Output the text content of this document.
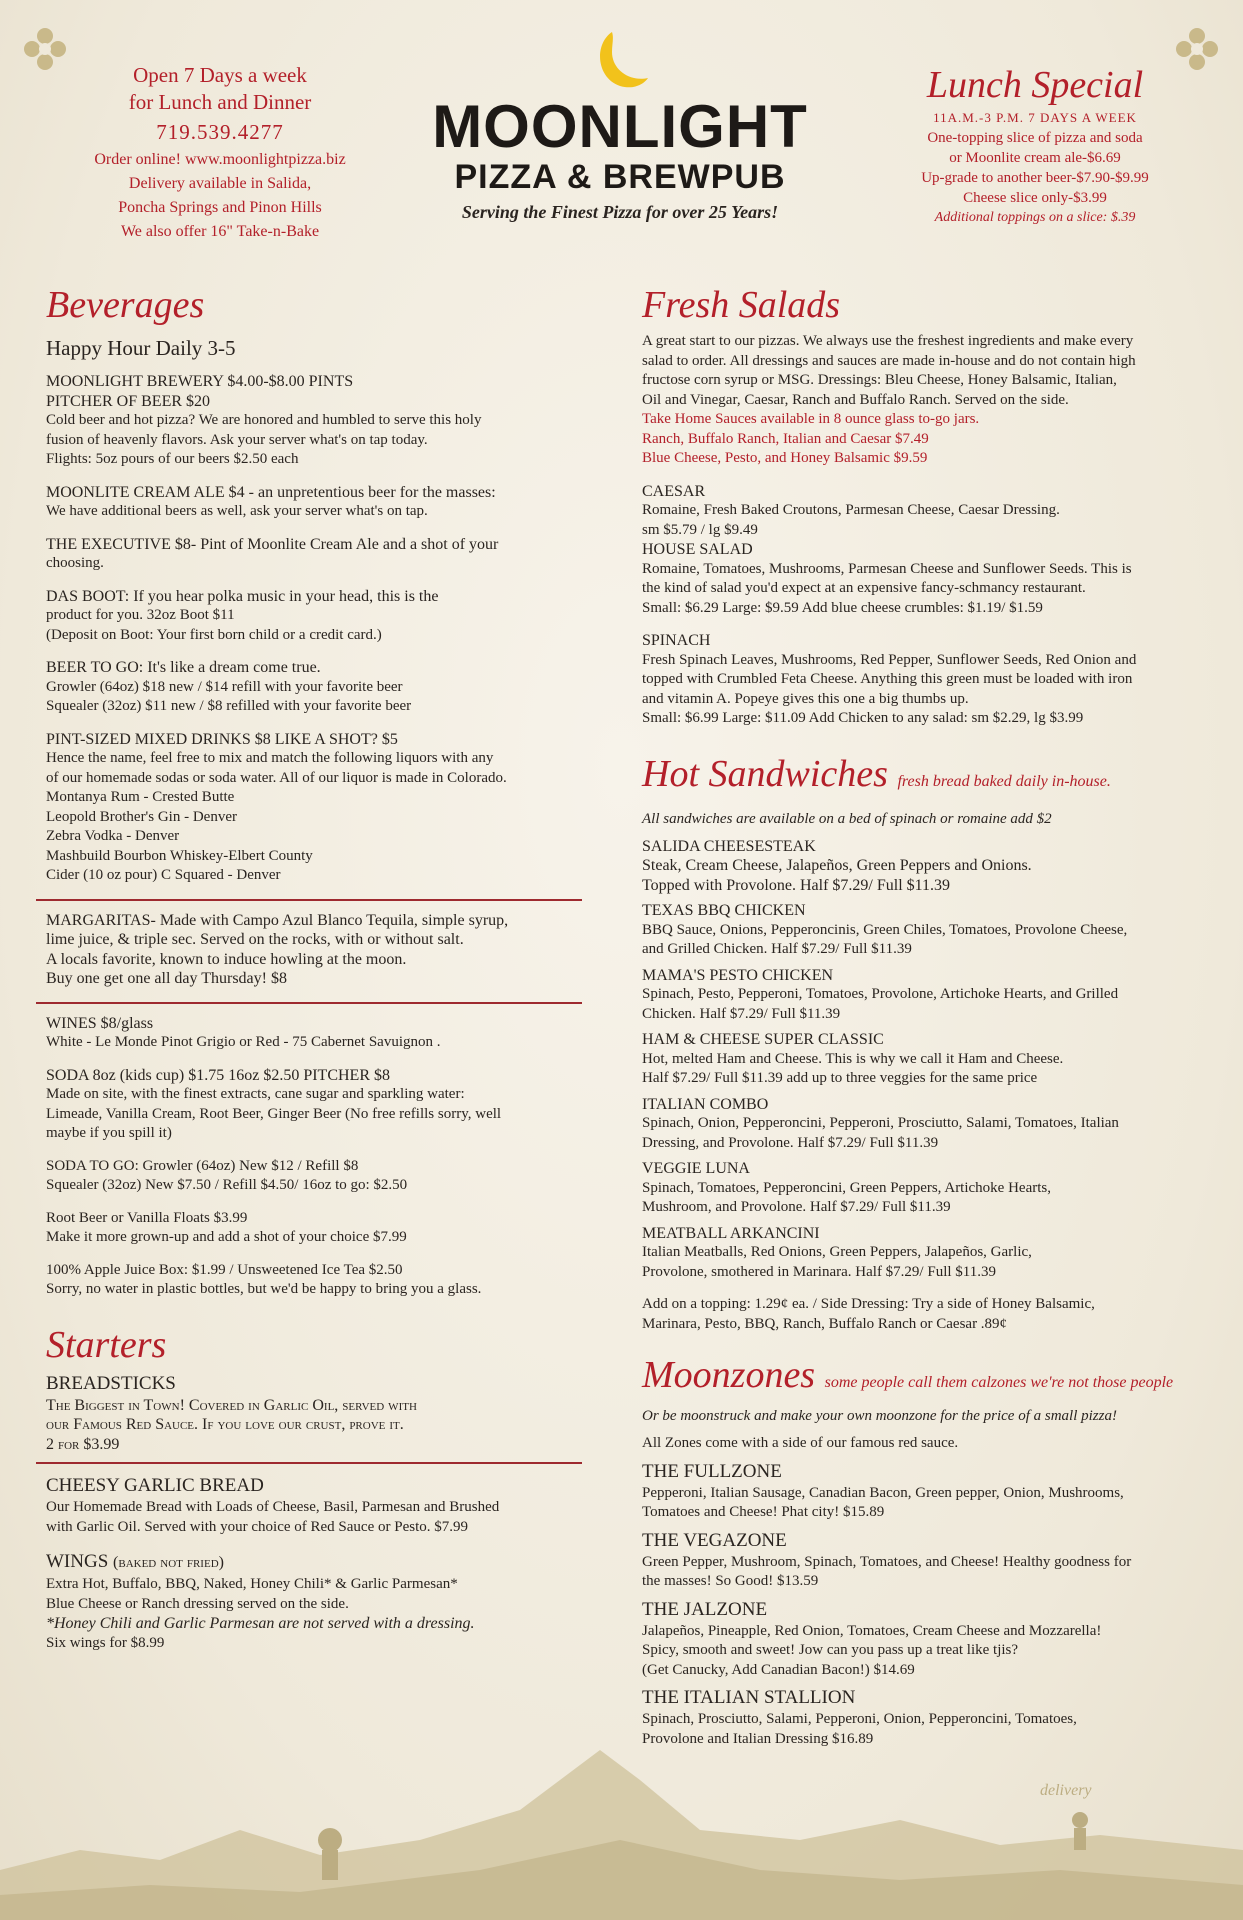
Open 7 Days a week
for Lunch and Dinner
719.539.4277
Order online! www.moonlightpizza.biz
Delivery available in Salida,
Poncha Springs and Pinon Hills
We also offer 16" Take-n-Bake
MOONLIGHT
PIZZA & BREWPUB
Serving the Finest Pizza for over 25 Years!
Lunch Special
11A.M.-3 P.M. 7 DAYS A WEEK
One-topping slice of pizza and soda
or Moonlite cream ale-$6.69
Up-grade to another beer-$7.90-$9.99
Cheese slice only-$3.99
Additional toppings on a slice: $.39
Beverages
Happy Hour Daily 3-5
MOONLIGHT BREWERY $4.00-$8.00 PINTS
PITCHER OF BEER $20
Cold beer and hot pizza? We are honored and humbled to serve this holy
fusion of heavenly flavors. Ask your server what's on tap today.
Flights: 5oz pours of our beers $2.50 each
MOONLITE CREAM ALE $4 - an unpretentious beer for the masses:
We have additional beers as well, ask your server what's on tap.
THE EXECUTIVE $8- Pint of Moonlite Cream Ale and a shot of your
choosing.
DAS BOOT: If you hear polka music in your head, this is the
product for you. 32oz Boot $11
(Deposit on Boot: Your first born child or a credit card.)
BEER TO GO: It's like a dream come true.
Growler (64oz) $18 new / $14 refill with your favorite beer
Squealer (32oz) $11 new / $8 refilled with your favorite beer
PINT-SIZED MIXED DRINKS $8 LIKE A SHOT? $5
Hence the name, feel free to mix and match the following liquors with any
of our homemade sodas or soda water. All of our liquor is made in Colorado.
Montanya Rum - Crested Butte
Leopold Brother's Gin - Denver
Zebra Vodka - Denver
Mashbuild Bourbon Whiskey-Elbert County
Cider (10 oz pour) C Squared - Denver
MARGARITAS- Made with Campo Azul Blanco Tequila, simple syrup,
lime juice, & triple sec. Served on the rocks, with or without salt.
A locals favorite, known to induce howling at the moon.
Buy one get one all day Thursday! $8
WINES $8/glass
White - Le Monde Pinot Grigio or Red - 75 Cabernet Savuignon .
SODA 8oz (kids cup) $1.75 16oz $2.50 PITCHER $8
Made on site, with the finest extracts, cane sugar and sparkling water:
Limeade, Vanilla Cream, Root Beer, Ginger Beer (No free refills sorry, well
maybe if you spill it)
SODA TO GO: Growler (64oz) New $12 / Refill $8
Squealer (32oz) New $7.50 / Refill $4.50/ 16oz to go: $2.50
Root Beer or Vanilla Floats $3.99
Make it more grown-up and add a shot of your choice $7.99
100% Apple Juice Box: $1.99 / Unsweetened Ice Tea $2.50
Sorry, no water in plastic bottles, but we'd be happy to bring you a glass.
Starters
BREADSTICKS
The Biggest in Town! Covered in Garlic Oil, served with
our Famous Red Sauce. If you love our crust, prove it.
2 for $3.99
CHEESY GARLIC BREAD
Our Homemade Bread with Loads of Cheese, Basil, Parmesan and Brushed
with Garlic Oil. Served with your choice of Red Sauce or Pesto. $7.99
WINGS (baked not fried)
Extra Hot, Buffalo, BBQ, Naked, Honey Chili* & Garlic Parmesan*
Blue Cheese or Ranch dressing served on the side.
*Honey Chili and Garlic Parmesan are not served with a dressing.
Six wings for $8.99
Fresh Salads
A great start to our pizzas. We always use the freshest ingredients and make every
salad to order. All dressings and sauces are made in-house and do not contain high
fructose corn syrup or MSG. Dressings: Bleu Cheese, Honey Balsamic, Italian,
Oil and Vinegar, Caesar, Ranch and Buffalo Ranch. Served on the side.
Take Home Sauces available in 8 ounce glass to-go jars.
Ranch, Buffalo Ranch, Italian and Caesar $7.49
Blue Cheese, Pesto, and Honey Balsamic $9.59
CAESAR
Romaine, Fresh Baked Croutons, Parmesan Cheese, Caesar Dressing.
sm $5.79 / lg $9.49
HOUSE SALAD
Romaine, Tomatoes, Mushrooms, Parmesan Cheese and Sunflower Seeds. This is
the kind of salad you'd expect at an expensive fancy-schmancy restaurant.
Small: $6.29 Large: $9.59 Add blue cheese crumbles: $1.19/ $1.59
SPINACH
Fresh Spinach Leaves, Mushrooms, Red Pepper, Sunflower Seeds, Red Onion and
topped with Crumbled Feta Cheese. Anything this green must be loaded with iron
and vitamin A. Popeye gives this one a big thumbs up.
Small: $6.99 Large: $11.09 Add Chicken to any salad: sm $2.29, lg $3.99
Hot Sandwiches fresh bread baked daily in-house.
All sandwiches are available on a bed of spinach or romaine add $2
SALIDA CHEESESTEAK
Steak, Cream Cheese, Jalapeños, Green Peppers and Onions.
Topped with Provolone. Half $7.29/ Full $11.39
TEXAS BBQ CHICKEN
BBQ Sauce, Onions, Pepperoncinis, Green Chiles, Tomatoes, Provolone Cheese,
and Grilled Chicken. Half $7.29/ Full $11.39
MAMA'S PESTO CHICKEN
Spinach, Pesto, Pepperoni, Tomatoes, Provolone, Artichoke Hearts, and Grilled
Chicken. Half $7.29/ Full $11.39
HAM & CHEESE SUPER CLASSIC
Hot, melted Ham and Cheese. This is why we call it Ham and Cheese.
Half $7.29/ Full $11.39 add up to three veggies for the same price
ITALIAN COMBO
Spinach, Onion, Pepperoncini, Pepperoni, Prosciutto, Salami, Tomatoes, Italian
Dressing, and Provolone. Half $7.29/ Full $11.39
VEGGIE LUNA
Spinach, Tomatoes, Pepperoncini, Green Peppers, Artichoke Hearts,
Mushroom, and Provolone. Half $7.29/ Full $11.39
MEATBALL ARKANCINI
Italian Meatballs, Red Onions, Green Peppers, Jalapeños, Garlic,
Provolone, smothered in Marinara. Half $7.29/ Full $11.39
Add on a topping: 1.29¢ ea. / Side Dressing: Try a side of Honey Balsamic,
Marinara, Pesto, BBQ, Ranch, Buffalo Ranch or Caesar .89¢
Moonzones some people call them calzones we're not those people
Or be moonstruck and make your own moonzone for the price of a small pizza!
All Zones come with a side of our famous red sauce.
THE FULLZONE
Pepperoni, Italian Sausage, Canadian Bacon, Green pepper, Onion, Mushrooms,
Tomatoes and Cheese! Phat city! $15.89
THE VEGAZONE
Green Pepper, Mushroom, Spinach, Tomatoes, and Cheese! Healthy goodness for
the masses! So Good! $13.59
THE JALZONE
Jalapeños, Pineapple, Red Onion, Tomatoes, Cream Cheese and Mozzarella!
Spicy, smooth and sweet! Jow can you pass up a treat like tjis?
(Get Canucky, Add Canadian Bacon!) $14.69
THE ITALIAN STALLION
Spinach, Prosciutto, Salami, Pepperoni, Onion, Pepperoncini, Tomatoes,
Provolone and Italian Dressing $16.89
delivery
